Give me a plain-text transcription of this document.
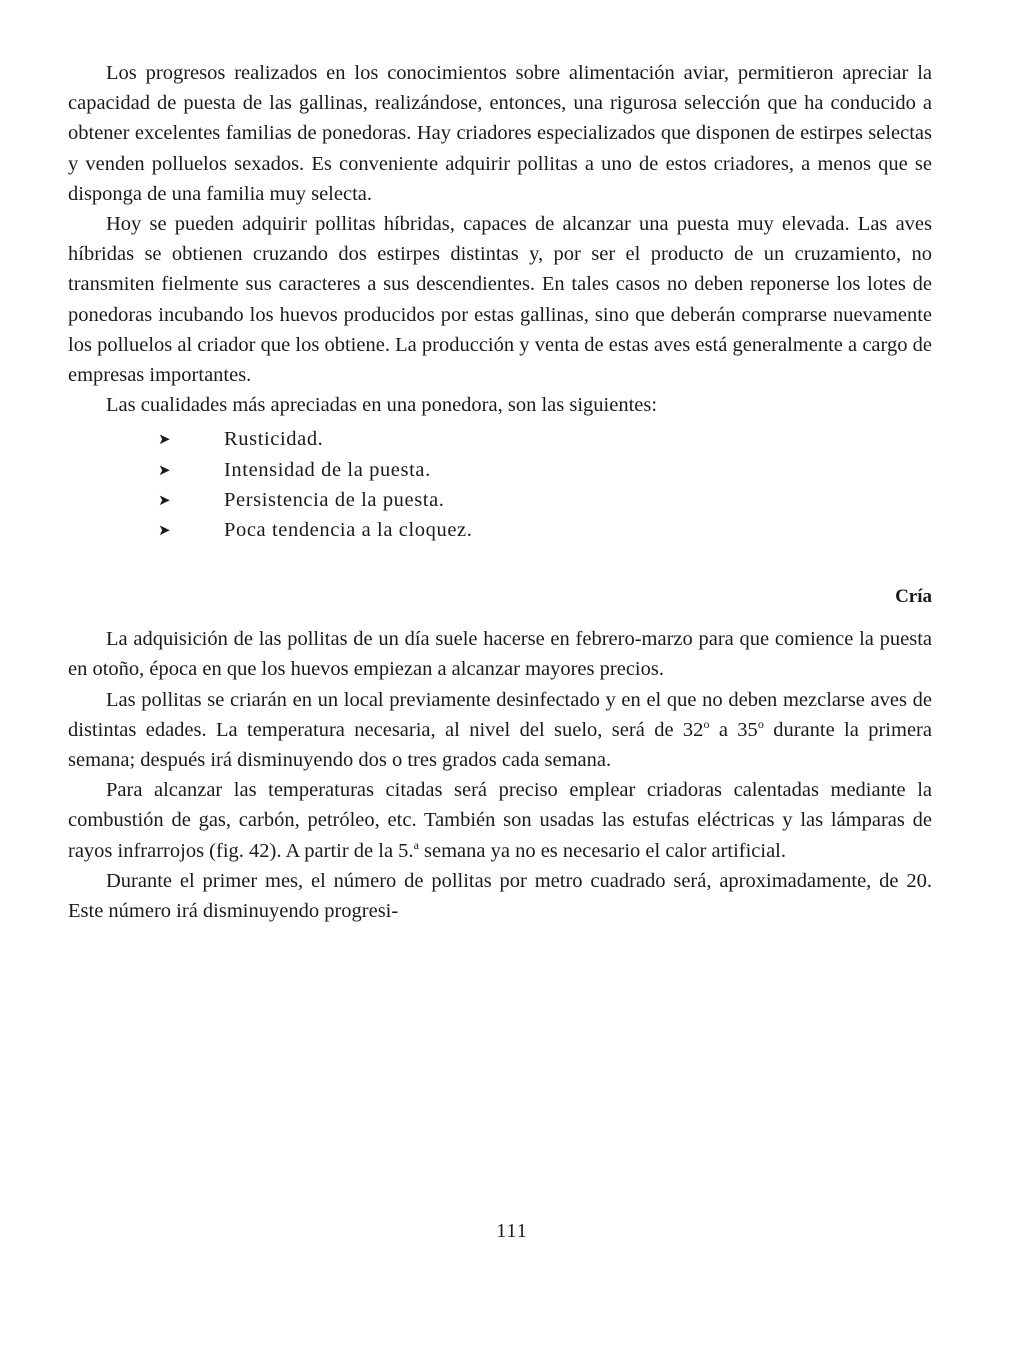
Los progresos realizados en los conocimientos sobre alimentación aviar, permitieron apreciar la capacidad de puesta de las gallinas, realizándose, entonces, una rigurosa selección que ha conducido a obtener excelentes familias de ponedoras. Hay criadores especializados que disponen de estirpes selectas y venden polluelos sexados. Es conveniente adquirir pollitas a uno de estos criadores, a menos que se disponga de una familia muy selecta.

Hoy se pueden adquirir pollitas híbridas, capaces de alcanzar una puesta muy elevada. Las aves híbridas se obtienen cruzando dos estirpes distintas y, por ser el producto de un cruzamiento, no transmiten fielmente sus caracteres a sus descendientes. En tales casos no deben reponerse los lotes de ponedoras incubando los huevos producidos por estas gallinas, sino que deberán comprarse nuevamente los polluelos al criador que los obtiene. La producción y venta de estas aves está generalmente a cargo de empresas importantes.

Las cualidades más apreciadas en una ponedora, son las siguientes:

➤	Rusticidad.
➤	Intensidad de la puesta.
➤	Persistencia de la puesta.
➤	Poca tendencia a la cloquez.
Cría

La adquisición de las pollitas de un día suele hacerse en febrero-marzo para que comience la puesta en otoño, época en que los huevos empiezan a alcanzar mayores precios.

Las pollitas se criarán en un local previamente desinfectado y en el que no deben mezclarse aves de distintas edades. La temperatura necesaria, al nivel del suelo, será de 32$^o$ a 35$^o$ durante la primera semana; después irá disminuyendo dos o tres grados cada semana.

Para alcanzar las temperaturas citadas será preciso emplear criadoras calentadas mediante la combustión de gas, carbón, petróleo, etc. También son usadas las estufas eléctricas y las lámparas de rayos infrarrojos (fig. 42). A partir de la 5.$^a$ semana ya no es necesario el calor artificial.

Durante el primer mes, el número de pollitas por metro cuadrado será, aproximadamente, de 20. Este número irá disminuyendo progresi-

111
